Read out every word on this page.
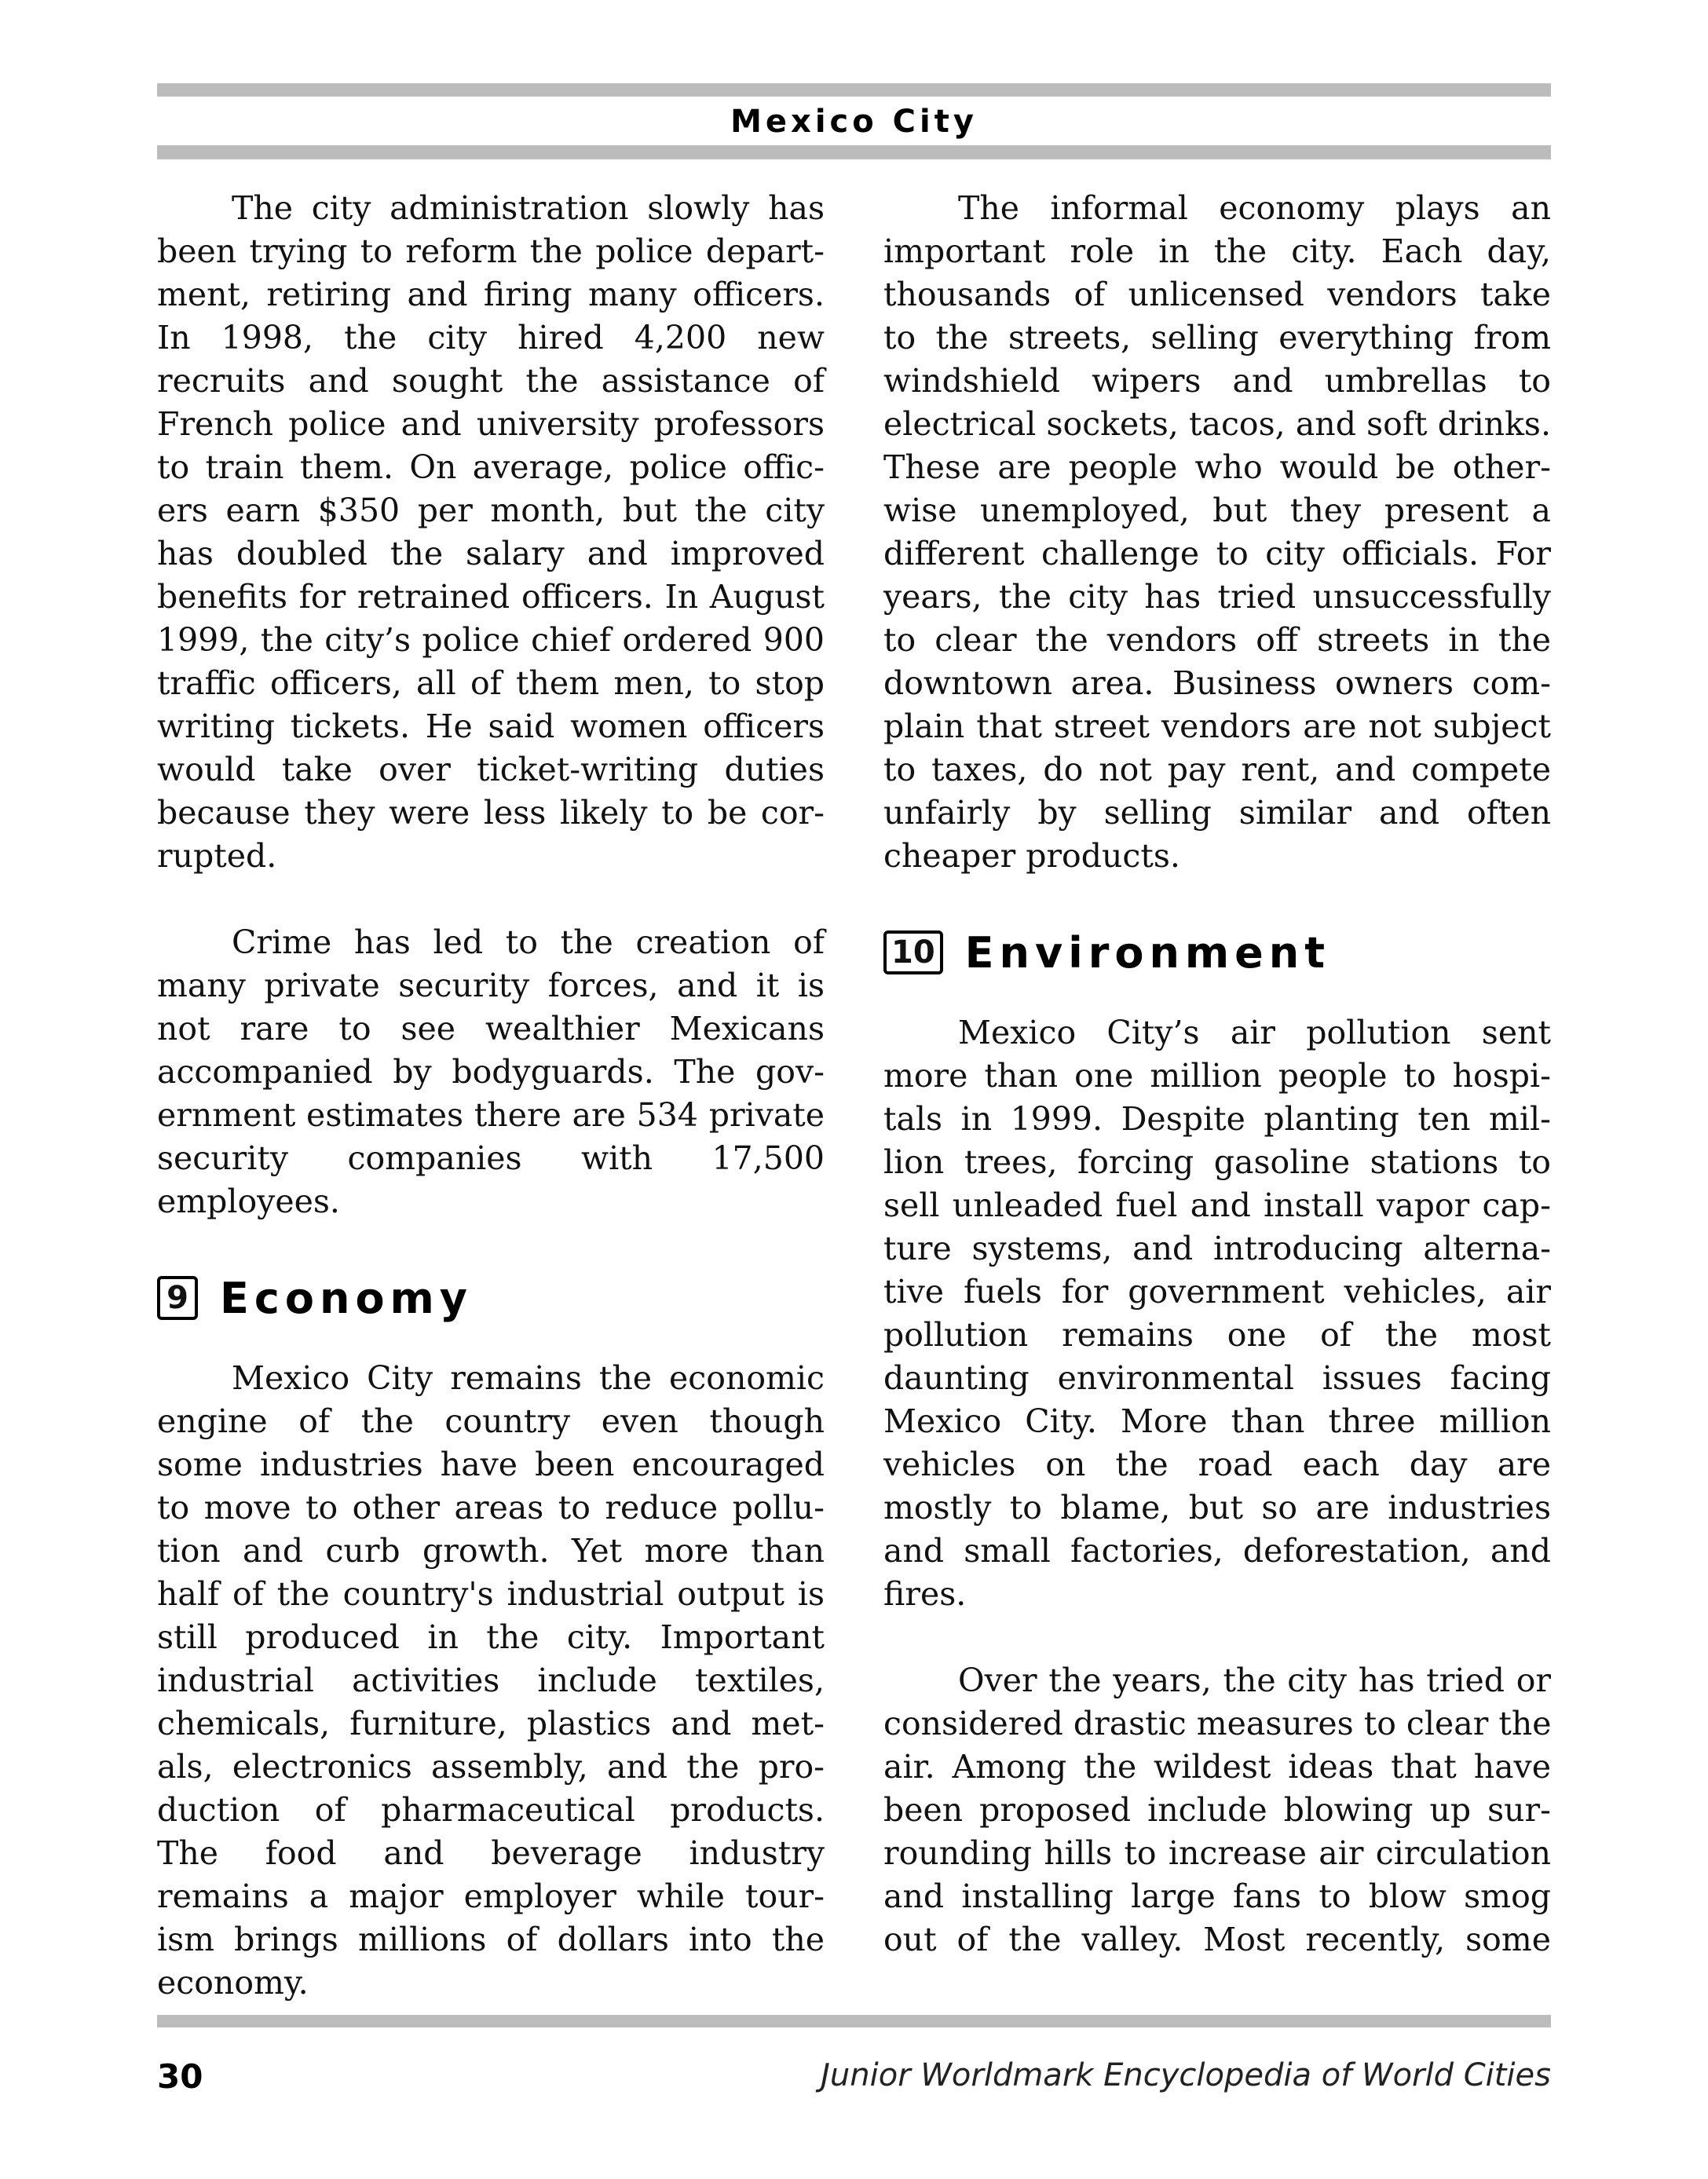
Mexico City
The city administration slowly has
been trying to reform the police depart-
ment, retiring and firing many officers.
In 1998, the city hired 4,200 new
recruits and sought the assistance of
French police and university professors
to train them. On average, police offic-
ers earn $350 per month, but the city
has doubled the salary and improved
benefits for retrained officers. In August
1999, the city’s police chief ordered 900
traffic officers, all of them men, to stop
writing tickets. He said women officers
would take over ticket-writing duties
because they were less likely to be cor-
rupted.
Crime has led to the creation of
many private security forces, and it is
not rare to see wealthier Mexicans
accompanied by bodyguards. The gov-
ernment estimates there are 534 private
security companies with 17,500
employees.
9 Economy
Mexico City remains the economic
engine of the country even though
some industries have been encouraged
to move to other areas to reduce pollu-
tion and curb growth. Yet more than
half of the country's industrial output is
still produced in the city. Important
industrial activities include textiles,
chemicals, furniture, plastics and met-
als, electronics assembly, and the pro-
duction of pharmaceutical products.
The food and beverage industry
remains a major employer while tour-
ism brings millions of dollars into the
economy.
The informal economy plays an
important role in the city. Each day,
thousands of unlicensed vendors take
to the streets, selling everything from
windshield wipers and umbrellas to
electrical sockets, tacos, and soft drinks.
These are people who would be other-
wise unemployed, but they present a
different challenge to city officials. For
years, the city has tried unsuccessfully
to clear the vendors off streets in the
downtown area. Business owners com-
plain that street vendors are not subject
to taxes, do not pay rent, and compete
unfairly by selling similar and often
cheaper products.
10 Environment
Mexico City’s air pollution sent
more than one million people to hospi-
tals in 1999. Despite planting ten mil-
lion trees, forcing gasoline stations to
sell unleaded fuel and install vapor cap-
ture systems, and introducing alterna-
tive fuels for government vehicles, air
pollution remains one of the most
daunting environmental issues facing
Mexico City. More than three million
vehicles on the road each day are
mostly to blame, but so are industries
and small factories, deforestation, and
fires.
Over the years, the city has tried or
considered drastic measures to clear the
air. Among the wildest ideas that have
been proposed include blowing up sur-
rounding hills to increase air circulation
and installing large fans to blow smog
out of the valley. Most recently, some
30	Junior Worldmark Encyclopedia of World Cities
